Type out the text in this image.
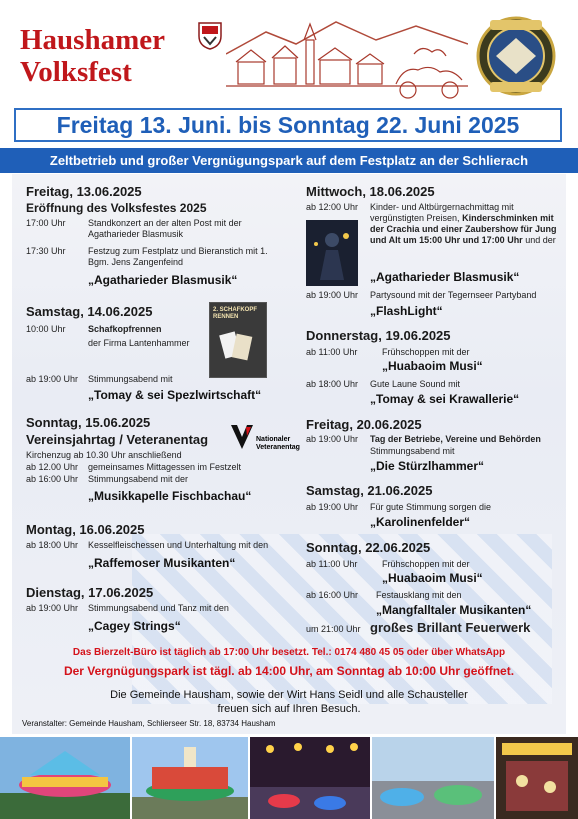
Haushamer
Volksfest
Freitag 13. Juni. bis Sonntag 22. Juni 2025
Zeltbetrieb und großer Vergnügungspark auf dem Festplatz an der Schlierach
Freitag, 13.06.2025
Eröffnung des Volksfestes 2025
17:00 Uhr Standkonzert an der alten Post mit der Agatharieder Blasmusik
17:30 Uhr Festzug zum Festplatz und Bieranstich mit 1. Bgm. Jens Zangenfeind
„Agatharieder Blasmusik“
Samstag, 14.06.2025
10:00 Uhr Schafkopfrennen
der Firma Lantenhammer
2. SCHAFKOPF RENNEN
ab 19:00 Uhr Stimmungsabend mit
„Tomay & sei Spezlwirtschaft“
Sonntag, 15.06.2025
Vereinsjahrtag / Veteranentag	Nationaler Veteranentag
Kirchenzug ab 10.30 Uhr anschließend
ab 12.00 Uhr gemeinsames Mittagessen im Festzelt
ab 16:00 Uhr Stimmungsabend mit der
„Musikkapelle Fischbachau“
Montag, 16.06.2025
ab 18:00 Uhr Kesselfleischessen und Unterhaltung mit den
„Raffemoser Musikanten“
Dienstag, 17.06.2025
ab 19:00 Uhr Stimmungsabend und Tanz mit den
„Cagey Strings“
Mittwoch, 18.06.2025
ab 12:00 Uhr Kinder- und Altbürgernachmittag mit vergünstigten Preisen, Kinderschminken mit der Crachia und einer Zaubershow für Jung und Alt um 15:00 Uhr und 17:00 Uhr und der
„Agatharieder Blasmusik“
ab 19:00 Uhr Partysound mit der Tegernseer Partyband
„FlashLight“
Donnerstag, 19.06.2025
ab 11:00 Uhr	Frühschoppen mit der
„Huabaoim Musi“
ab 18:00 Uhr Gute Laune Sound mit
„Tomay & sei Krawallerie“
Freitag, 20.06.2025
ab 19:00 Uhr Tag der Betriebe, Vereine und Behörden
Stimmungsabend mit
„Die Stürzlhammer“
Samstag, 21.06.2025
ab 19:00 Uhr Für gute Stimmung sorgen die
„Karolinenfelder“
Sonntag, 22.06.2025
ab 11:00 Uhr	Frühschoppen mit der
„Huabaoim Musi“
ab 16:00 Uhr Festausklang mit den
„Mangfalltaler Musikanten“
um 21:00 Uhr großes Brillant Feuerwerk
Das Bierzelt-Büro ist täglich ab 17:00 Uhr besetzt. Tel.: 0174 480 45 05 oder über WhatsApp
Der Vergnügungspark ist tägl. ab 14:00 Uhr, am Sonntag ab 10:00 Uhr geöffnet.
Die Gemeinde Hausham, sowie der Wirt Hans Seidl und alle Schausteller
freuen sich auf Ihren Besuch.
Veranstalter: Gemeinde Hausham, Schlierseer Str. 18, 83734 Hausham
